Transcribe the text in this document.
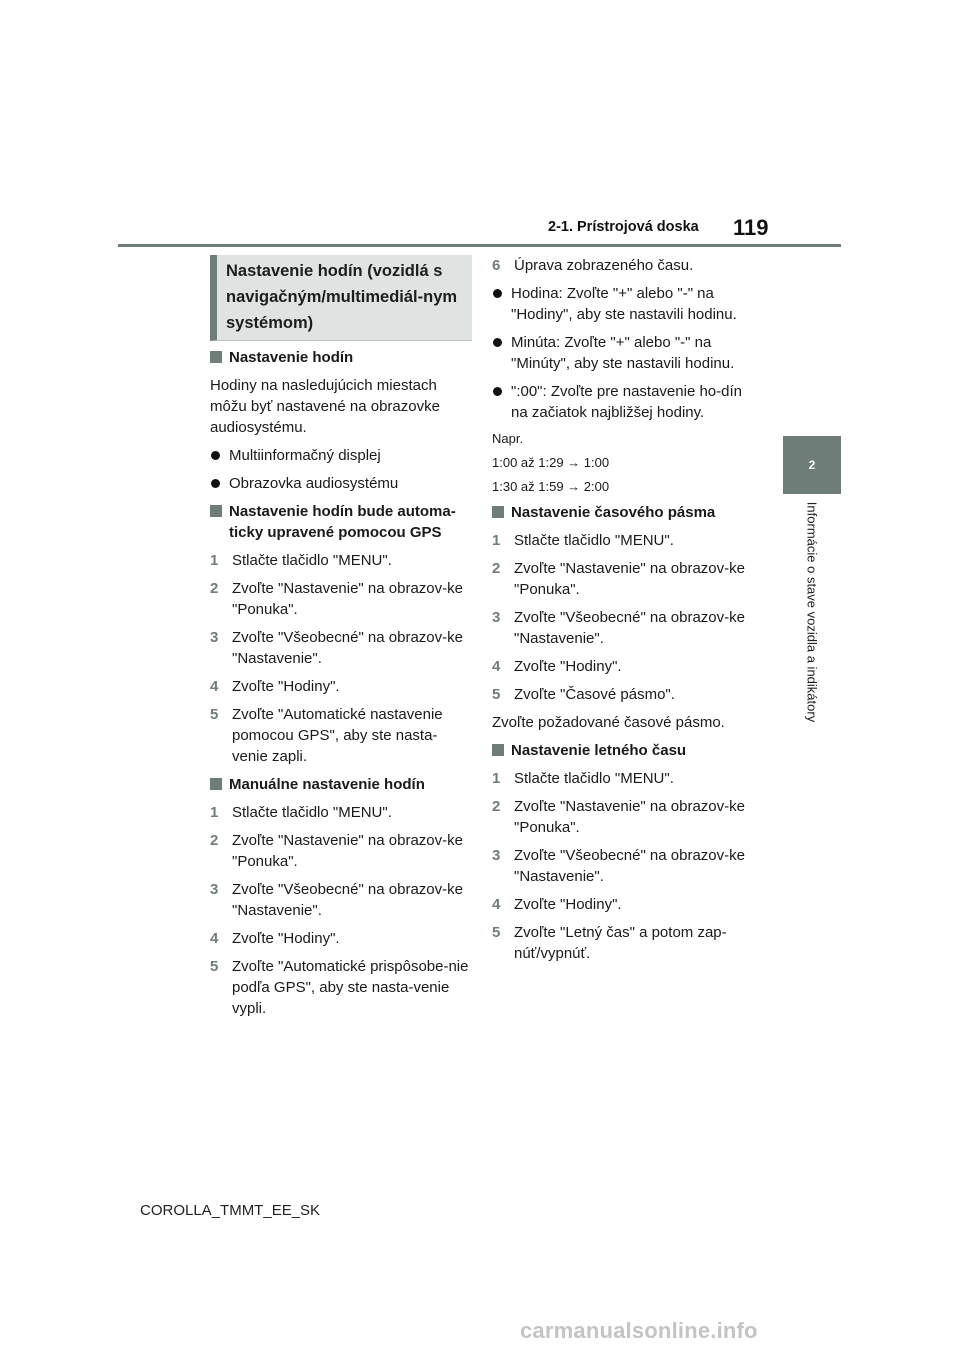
2-1. Prístrojová doska 119
2
Informácie o stave vozidla a indikátory
Nastavenie hodín (vozidlá s navigačným/multimediál-nym systémom)
Nastavenie hodín
Hodiny na nasledujúcich miestach môžu byť nastavené na obrazovke audiosystému.
Multiinformačný displej
Obrazovka audiosystému
Nastavenie hodín bude automa-ticky upravené pomocou GPS
1 Stlačte tlačidlo "MENU".
2 Zvoľte "Nastavenie" na obrazov-ke "Ponuka".
3 Zvoľte "Všeobecné" na obrazov-ke "Nastavenie".
4 Zvoľte "Hodiny".
5 Zvoľte "Automatické nastavenie pomocou GPS", aby ste nasta-venie zapli.
Manuálne nastavenie hodín
1 Stlačte tlačidlo "MENU".
2 Zvoľte "Nastavenie" na obrazov-ke "Ponuka".
3 Zvoľte "Všeobecné" na obrazov-ke "Nastavenie".
4 Zvoľte "Hodiny".
5 Zvoľte "Automatické prispôsobe-nie podľa GPS", aby ste nasta-venie vypli.
6 Úprava zobrazeného času.
Hodina: Zvoľte "+" alebo "-" na "Hodiny", aby ste nastavili hodinu.
Minúta: Zvoľte "+" alebo "-" na "Minúty", aby ste nastavili hodinu.
":00": Zvoľte pre nastavenie ho-dín na začiatok najbližšej hodiny.
Napr.
1:00 až 1:29 → 1:00
1:30 až 1:59 → 2:00
Nastavenie časového pásma
1 Stlačte tlačidlo "MENU".
2 Zvoľte "Nastavenie" na obrazov-ke "Ponuka".
3 Zvoľte "Všeobecné" na obrazov-ke "Nastavenie".
4 Zvoľte "Hodiny".
5 Zvoľte "Časové pásmo".
Zvoľte požadované časové pásmo.
Nastavenie letného času
1 Stlačte tlačidlo "MENU".
2 Zvoľte "Nastavenie" na obrazov-ke "Ponuka".
3 Zvoľte "Všeobecné" na obrazov-ke "Nastavenie".
4 Zvoľte "Hodiny".
5 Zvoľte "Letný čas" a potom zap-núť/vypnúť.
COROLLA_TMMT_EE_SK
carmanualsonline.info
